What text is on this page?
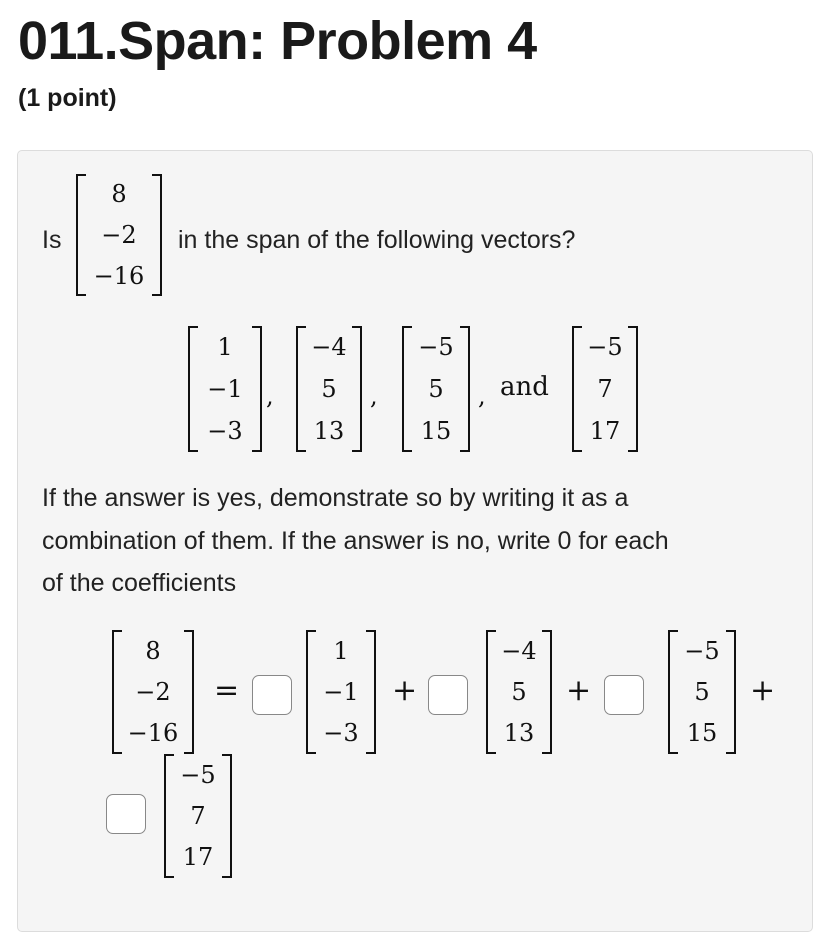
011.Span: Problem 4
(1 point)
Is
8
−2
−16
in the span of the following vectors?
1
−1
−3
,
−4
5
13
,
−5
5
15
, and
−5
7
17
If the answer is yes, demonstrate so by writing it as a
combination of them. If the answer is no, write 0 for each
of the coefficients
8
−2
−16
=
1
−1
−3
+
−4
5
13
+
−5
5
15
+
−5
7
17
